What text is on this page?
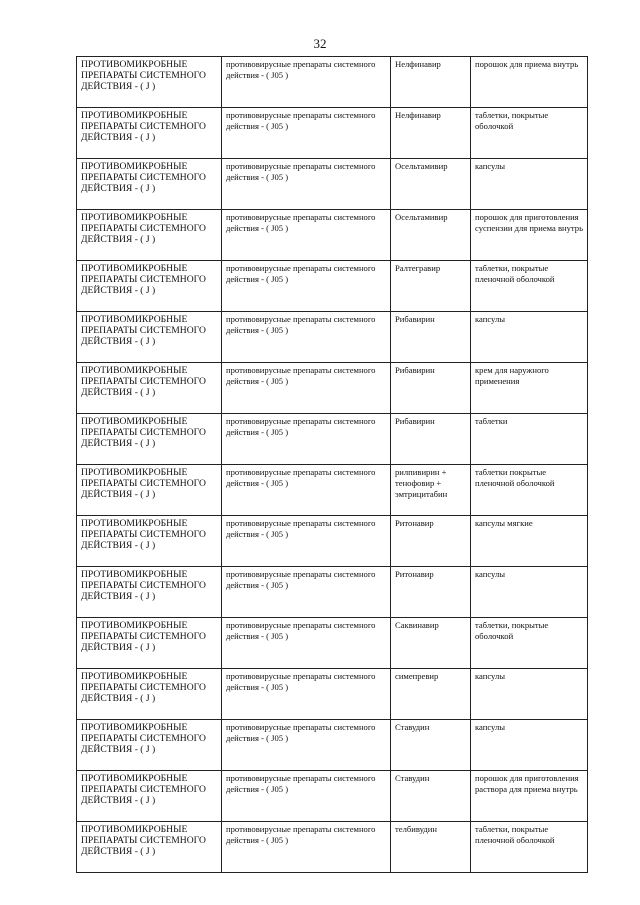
32
ПРОТИВОМИКРОБНЫЕ ПРЕПАРАТЫ СИСТЕМНОГО ДЕЙСТВИЯ - ( J )	противовирусные препараты системного действия - ( J05 )	Нелфинавир	порошок для приема внутрь
ПРОТИВОМИКРОБНЫЕ ПРЕПАРАТЫ СИСТЕМНОГО ДЕЙСТВИЯ - ( J )	противовирусные препараты системного действия - ( J05 )	Нелфинавир	таблетки, покрытые оболочкой
ПРОТИВОМИКРОБНЫЕ ПРЕПАРАТЫ СИСТЕМНОГО ДЕЙСТВИЯ - ( J )	противовирусные препараты системного действия - ( J05 )	Осельтамивир	капсулы
ПРОТИВОМИКРОБНЫЕ ПРЕПАРАТЫ СИСТЕМНОГО ДЕЙСТВИЯ - ( J )	противовирусные препараты системного действия - ( J05 )	Осельтамивир	порошок для приготовления суспензии для приема внутрь
ПРОТИВОМИКРОБНЫЕ ПРЕПАРАТЫ СИСТЕМНОГО ДЕЙСТВИЯ - ( J )	противовирусные препараты системного действия - ( J05 )	Ралтегравир	таблетки, покрытые пленочной оболочкой
ПРОТИВОМИКРОБНЫЕ ПРЕПАРАТЫ СИСТЕМНОГО ДЕЙСТВИЯ - ( J )	противовирусные препараты системного действия - ( J05 )	Рибавирин	капсулы
ПРОТИВОМИКРОБНЫЕ ПРЕПАРАТЫ СИСТЕМНОГО ДЕЙСТВИЯ - ( J )	противовирусные препараты системного действия - ( J05 )	Рибавирин	крем для наружного применения
ПРОТИВОМИКРОБНЫЕ ПРЕПАРАТЫ СИСТЕМНОГО ДЕЙСТВИЯ - ( J )	противовирусные препараты системного действия - ( J05 )	Рибавирин	таблетки
ПРОТИВОМИКРОБНЫЕ ПРЕПАРАТЫ СИСТЕМНОГО ДЕЙСТВИЯ - ( J )	противовирусные препараты системного действия - ( J05 )	рилпивирин + тенофовир + эмтрицитабин	таблетки покрытые пленочной оболочкой
ПРОТИВОМИКРОБНЫЕ ПРЕПАРАТЫ СИСТЕМНОГО ДЕЙСТВИЯ - ( J )	противовирусные препараты системного действия - ( J05 )	Ритонавир	капсулы мягкие
ПРОТИВОМИКРОБНЫЕ ПРЕПАРАТЫ СИСТЕМНОГО ДЕЙСТВИЯ - ( J )	противовирусные препараты системного действия - ( J05 )	Ритонавир	капсулы
ПРОТИВОМИКРОБНЫЕ ПРЕПАРАТЫ СИСТЕМНОГО ДЕЙСТВИЯ - ( J )	противовирусные препараты системного действия - ( J05 )	Саквинавир	таблетки, покрытые оболочкой
ПРОТИВОМИКРОБНЫЕ ПРЕПАРАТЫ СИСТЕМНОГО ДЕЙСТВИЯ - ( J )	противовирусные препараты системного действия - ( J05 )	симепревир	капсулы
ПРОТИВОМИКРОБНЫЕ ПРЕПАРАТЫ СИСТЕМНОГО ДЕЙСТВИЯ - ( J )	противовирусные препараты системного действия - ( J05 )	Ставудин	капсулы
ПРОТИВОМИКРОБНЫЕ ПРЕПАРАТЫ СИСТЕМНОГО ДЕЙСТВИЯ - ( J )	противовирусные препараты системного действия - ( J05 )	Ставудин	порошок для приготовления раствора для приема внутрь
ПРОТИВОМИКРОБНЫЕ ПРЕПАРАТЫ СИСТЕМНОГО ДЕЙСТВИЯ - ( J )	противовирусные препараты системного действия - ( J05 )	телбивудин	таблетки, покрытые пленочной оболочкой
